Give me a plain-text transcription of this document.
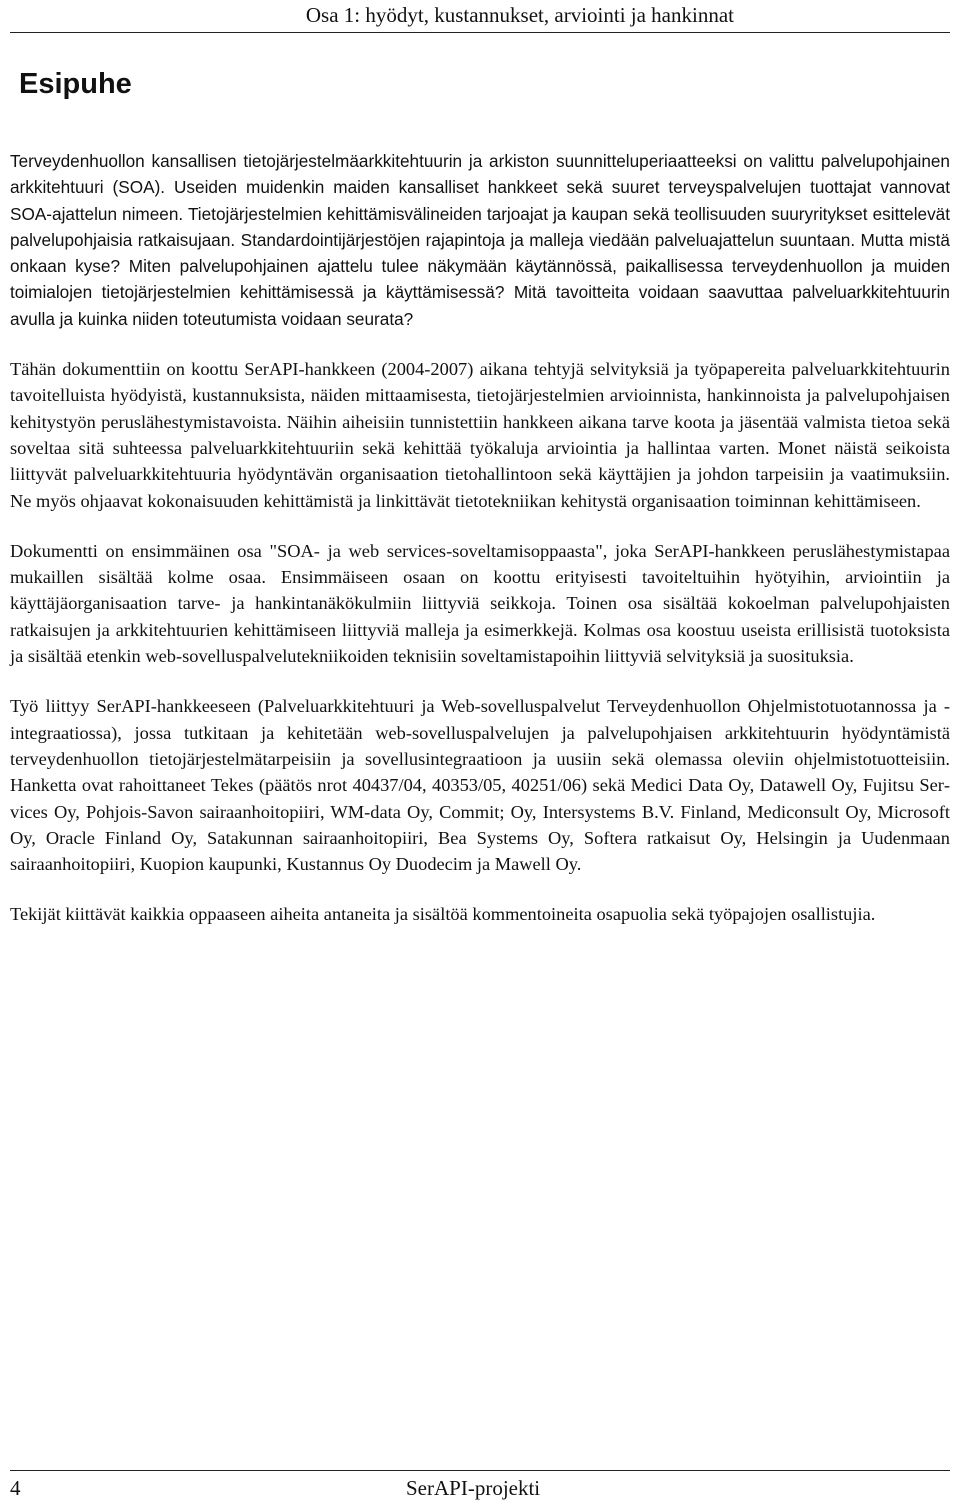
Osa 1: hyödyt, kustannukset, arviointi ja hankinnat
Esipuhe

Terveydenhuollon kansallisen tietojärjestelmäarkkitehtuurin ja arkiston suunnitteluperiaatteeksi on valittu palvelupohjainen arkkitehtuuri (SOA). Useiden muidenkin maiden kansalliset hankkeet sekä suuret terveyspalvelujen tuottajat vannovat SOA-ajattelun nimeen. Tietojärjestelmien kehittämisvälineiden tarjoajat ja kaupan sekä teollisuuden suuryritykset esittelevät palvelupohjaisia ratkaisujaan. Standardointijärjestöjen rajapintoja ja malleja viedään palveluajattelun suuntaan. Mutta mistä onkaan kyse? Miten palvelupohjainen ajattelu tulee näkymään käytännössä, paikallisessa terveydenhuollon ja muiden toimialojen tietojärjestelmien kehittämisessä ja käyttämisessä? Mitä tavoitteita voidaan saavuttaa palveluarkkitehtuurin avulla ja kuinka niiden toteutumista voidaan seurata?

Tähän dokumenttiin on koottu SerAPI-hankkeen (2004-2007) aikana tehtyjä selvityksiä ja työpapereita palveluarkkitehtuurin tavoitelluista hyödyistä, kustannuksista, näiden mittaamisesta, tietojärjestelmien arvioinnista, hankinnoista ja palvelupohjaisen kehitystyön peruslähestymistavoista. Näihin aiheisiin tunnistettiin hankkeen aikana tarve koota ja jäsentää valmista tietoa sekä soveltaa sitä suhteessa palveluarkkitehtuuriin sekä kehittää työkaluja arviointia ja hallintaa varten. Monet näistä seikoista liittyvät palveluarkkitehtuuria hyödyntävän organisaation tietohallintoon sekä käyttäjien ja johdon tarpeisiin ja vaatimuksiin. Ne myös ohjaavat kokonaisuuden kehittämistä ja linkittävät tietotekniikan kehitystä organisaation toiminnan kehittämiseen.

Dokumentti on ensimmäinen osa "SOA- ja web services-soveltamisoppaasta", joka SerAPI-hankkeen peruslähestymistapaa mukaillen sisältää kolme osaa. Ensimmäiseen osaan on koottu erityisesti tavoiteltuihin hyötyihin, arviointiin ja käyttäjäorganisaation tarve- ja hankintanäkökulmiin liittyviä seikkoja. Toinen osa sisältää kokoelman palvelupohjaisten ratkaisujen ja arkkitehtuurien kehittämiseen liittyviä malleja ja esimerkkejä. Kolmas osa koostuu useista erillisistä tuotoksista ja sisältää etenkin web-sovelluspalvelutekniikoiden teknisiin soveltamistapoihin liittyviä selvityksiä ja suosituksia.

Työ liittyy SerAPI-hankkeeseen (Palveluarkkitehtuuri ja Web-sovelluspalvelut Terveydenhuollon Ohjelmistotuotannossa ja -integraatiossa), jossa tutkitaan ja kehitetään web-sovelluspalvelujen ja palvelupohjaisen arkkitehtuurin hyödyntämistä terveydenhuollon tietojärjestelmätarpeisiin ja sovellusintegraatioon ja uusiin sekä olemassa oleviin ohjelmistotuotteisiin. Hanketta ovat rahoittaneet Tekes (päätös nrot 40437/04, 40353/05, 40251/06) sekä Medici Data Oy, Datawell Oy, Fujitsu Services Oy, Pohjois-Savon sairaanhoitopiiri, WM-data Oy, Commit; Oy, Intersystems B.V. Finland, Mediconsult Oy, Microsoft Oy, Oracle Finland Oy, Satakunnan sairaanhoitopiiri, Bea Systems Oy, Softera ratkaisut Oy, Helsingin ja Uudenmaan sairaanhoitopiiri, Kuopion kaupunki, Kustannus Oy Duodecim ja Mawell Oy.

Tekijät kiittävät kaikkia oppaaseen aiheita antaneita ja sisältöä kommentoineita osapuolia sekä työpajojen osallistujia.

4	SerAPI-projekti
